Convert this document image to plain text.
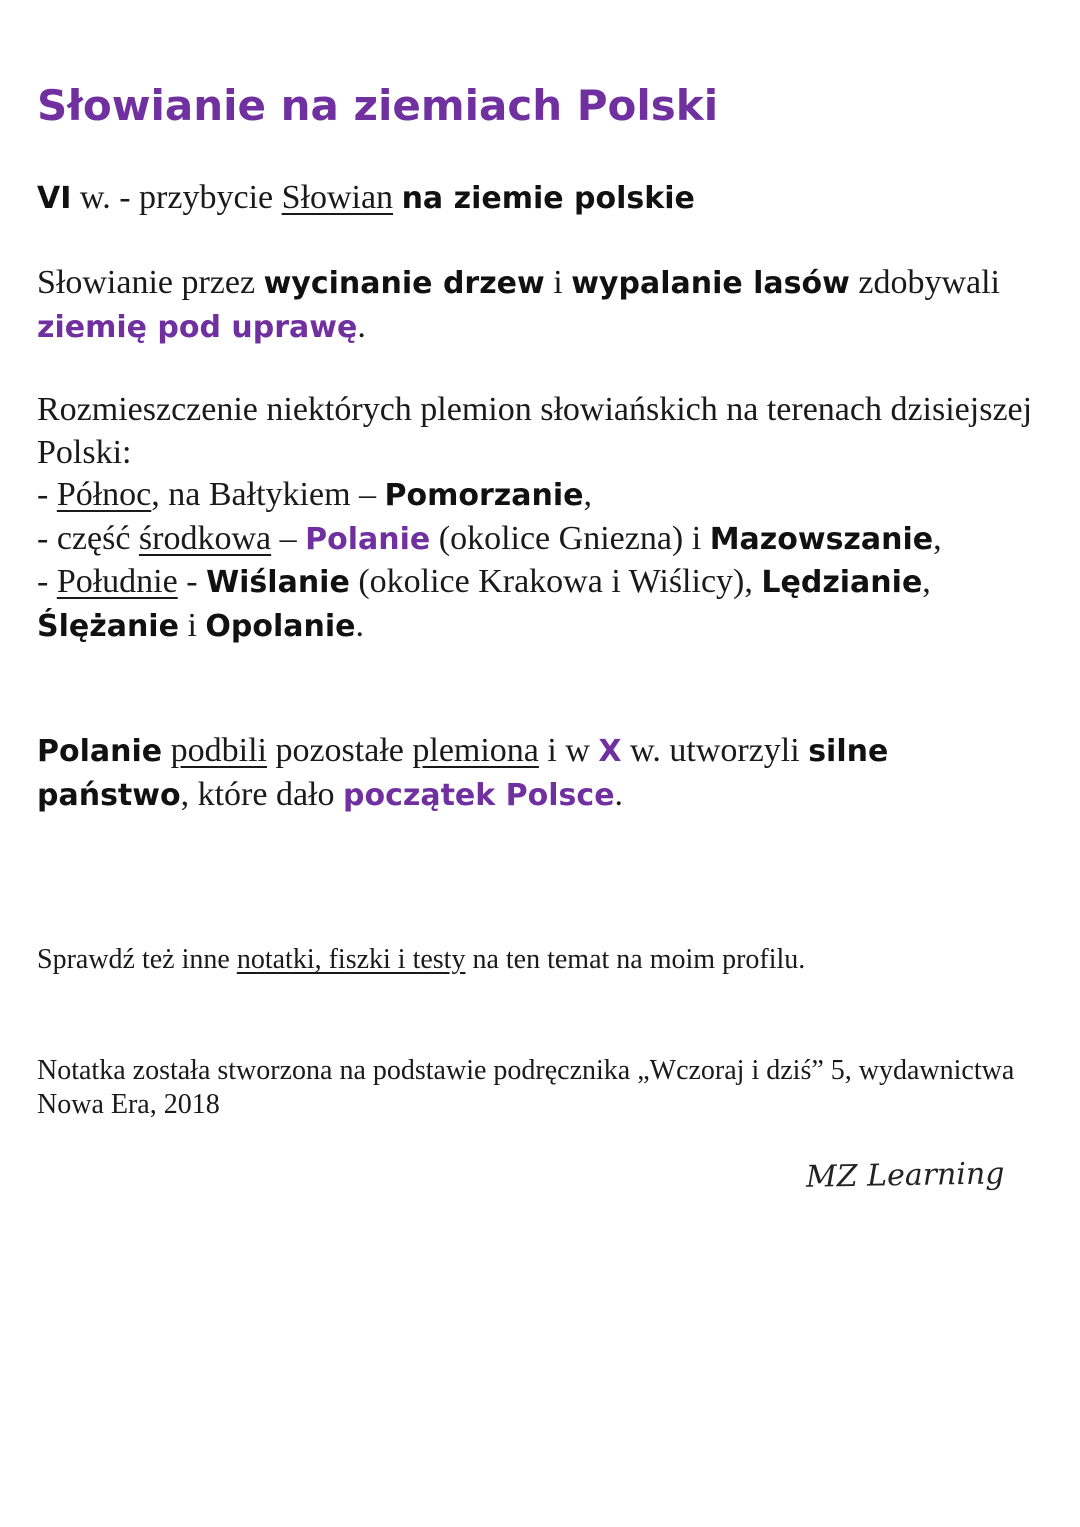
Słowianie na ziemiach Polski

VI w. - przybycie Słowian na ziemie polskie

Słowianie przez wycinanie drzew i wypalanie lasów zdobywali ziemię pod uprawę.

Rozmieszczenie niektórych plemion słowiańskich na terenach dzisiejszej Polski:
- Północ, na Bałtykiem – Pomorzanie,
- część środkowa – Polanie (okolice Gniezna) i Mazowszanie,
- Południe - Wiślanie (okolice Krakowa i Wiślicy), Lędzianie, Ślężanie i Opolanie.

Polanie podbili pozostałe plemiona i w X w. utworzyli silne państwo, które dało początek Polsce.

Sprawdź też inne notatki, fiszki i testy na ten temat na moim profilu.

Notatka została stworzona na podstawie podręcznika „Wczoraj i dziś” 5, wydawnictwa Nowa Era, 2018

MZ Learning
